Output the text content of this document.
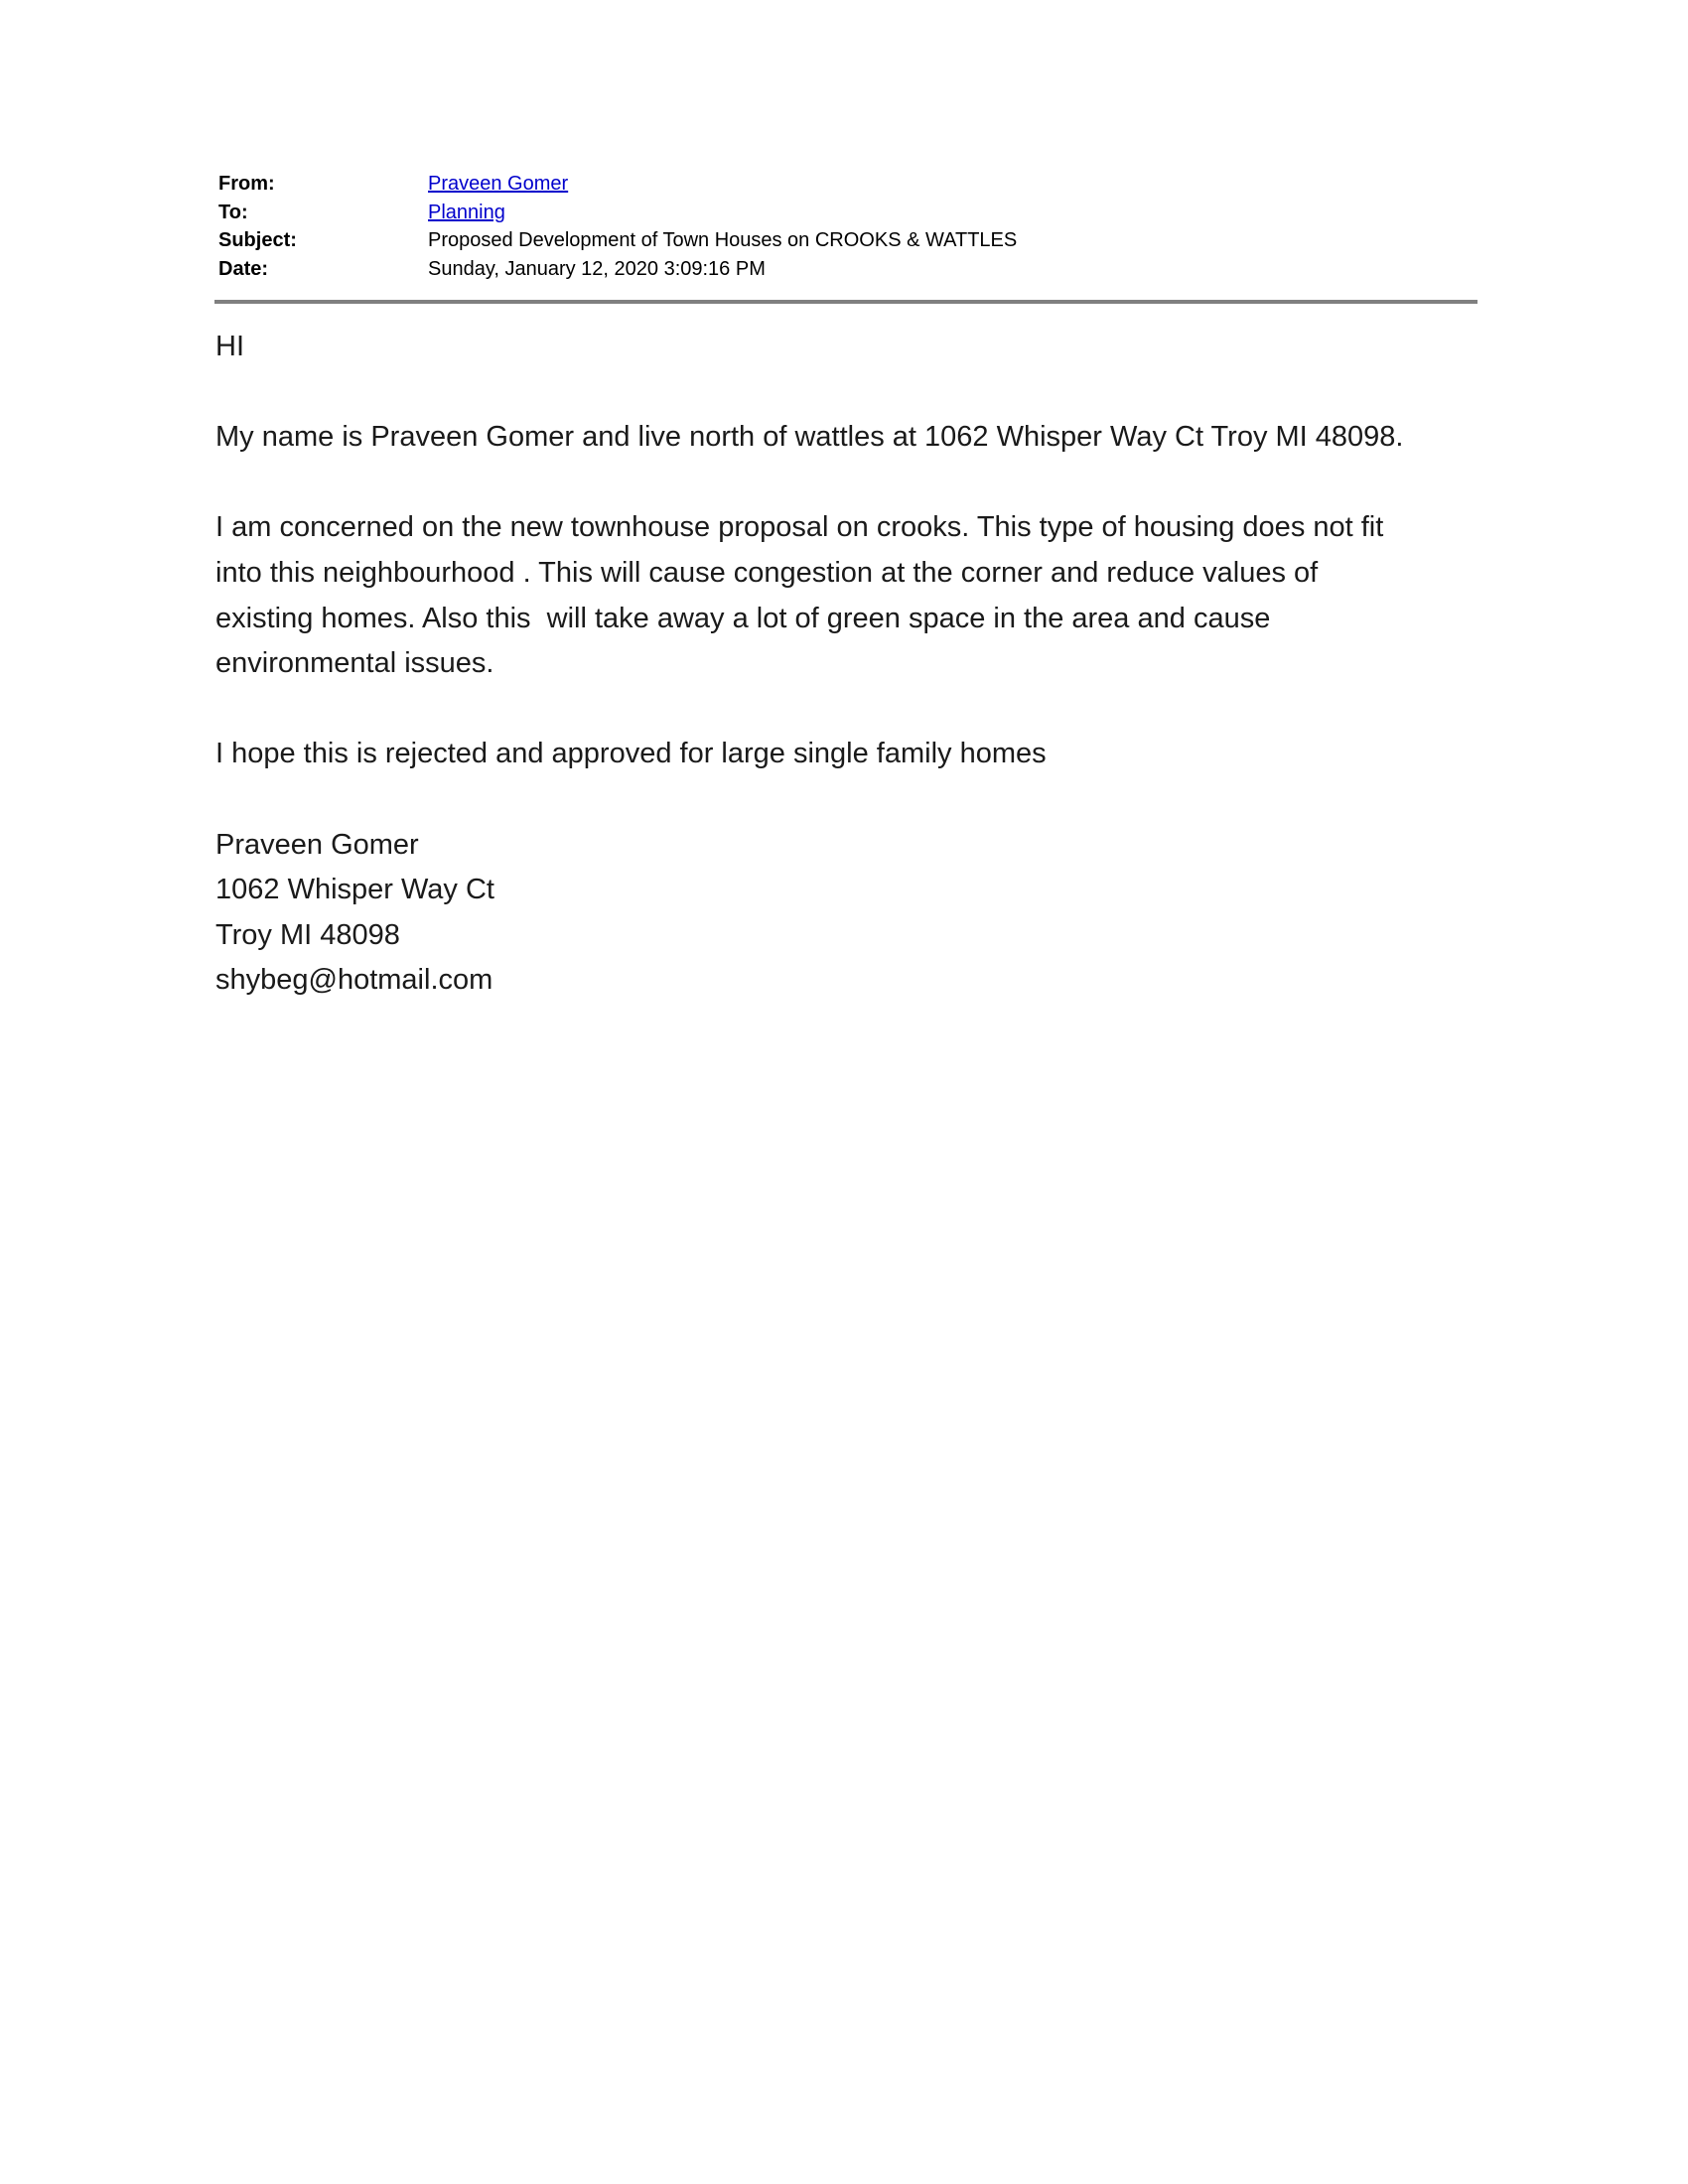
From:	Praveen Gomer
To:	Planning
Subject:	Proposed Development of Town Houses on CROOKS & WATTLES
Date:	Sunday, January 12, 2020 3:09:16 PM

HI

My name is Praveen Gomer and live north of wattles at 1062 Whisper Way Ct Troy MI 48098.

I am concerned on the new townhouse proposal on crooks. This type of housing does not fit
into this neighbourhood . This will cause congestion at the corner and reduce values of
existing homes. Also this  will take away a lot of green space in the area and cause
environmental issues.

I hope this is rejected and approved for large single family homes

Praveen Gomer
1062 Whisper Way Ct
Troy MI 48098
shybeg@hotmail.com
